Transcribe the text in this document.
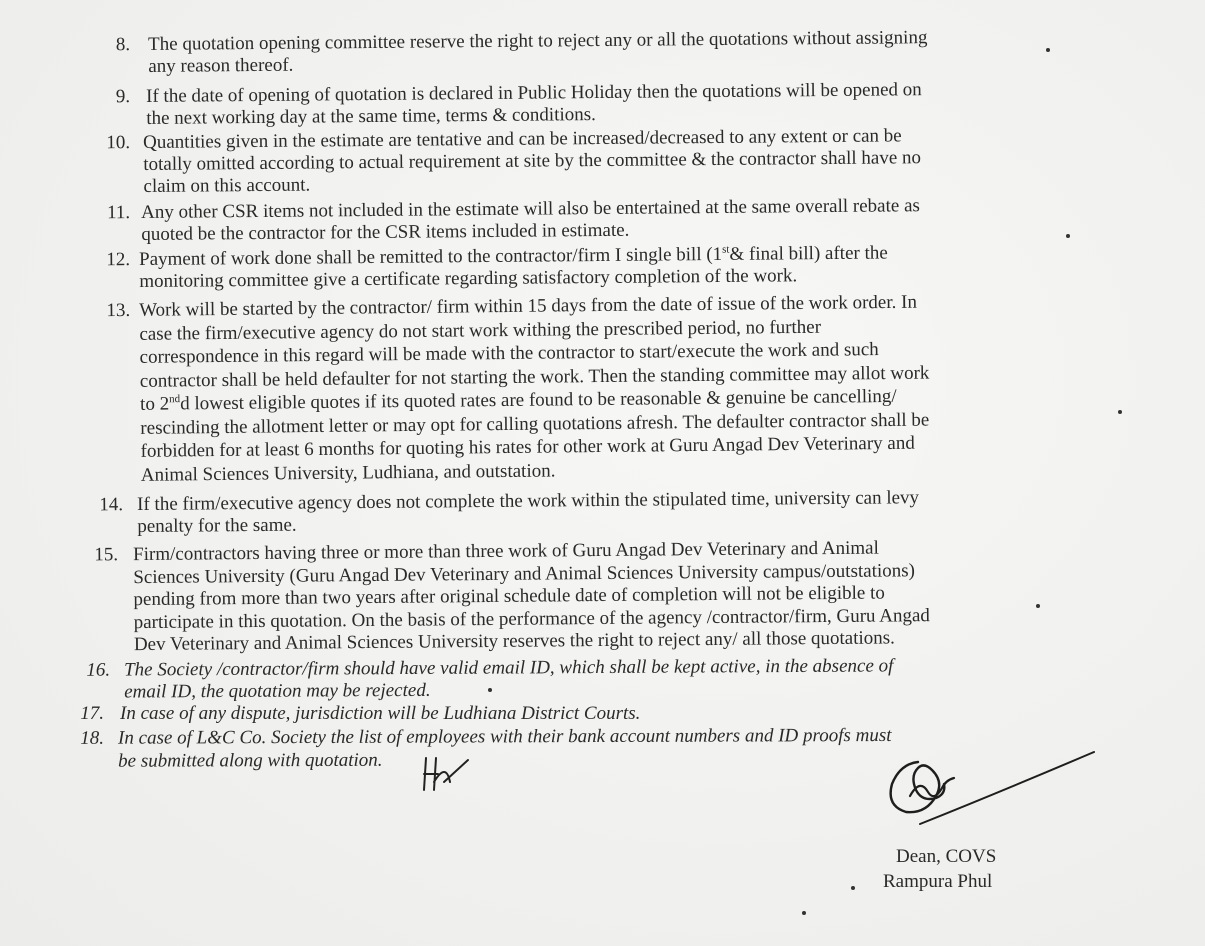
8. The quotation opening committee reserve the right to reject any or all the quotations without assigning
any reason thereof.
9. If the date of opening of quotation is declared in Public Holiday then the quotations will be opened on
the next working day at the same time, terms & conditions.
10. Quantities given in the estimate are tentative and can be increased/decreased to any extent or can be
totally omitted according to actual requirement at site by the committee & the contractor shall have no
claim on this account.
11. Any other CSR items not included in the estimate will also be entertained at the same overall rebate as
quoted be the contractor for the CSR items included in estimate.
12. Payment of work done shall be remitted to the contractor/firm I single bill (1st& final bill) after the
monitoring committee give a certificate regarding satisfactory completion of the work.
13. Work will be started by the contractor/ firm within 15 days from the date of issue of the work order. In
case the firm/executive agency do not start work withing the prescribed period, no further
correspondence in this regard will be made with the contractor to start/execute the work and such
contractor shall be held defaulter for not starting the work. Then the standing committee may allot work
to 2ndd lowest eligible quotes if its quoted rates are found to be reasonable & genuine be cancelling/
rescinding the allotment letter or may opt for calling quotations afresh. The defaulter contractor shall be
forbidden for at least 6 months for quoting his rates for other work at Guru Angad Dev Veterinary and
Animal Sciences University, Ludhiana, and outstation.
14. If the firm/executive agency does not complete the work within the stipulated time, university can levy
penalty for the same.
15. Firm/contractors having three or more than three work of Guru Angad Dev Veterinary and Animal
Sciences University (Guru Angad Dev Veterinary and Animal Sciences University campus/outstations)
pending from more than two years after original schedule date of completion will not be eligible to
participate in this quotation. On the basis of the performance of the agency /contractor/firm, Guru Angad
Dev Veterinary and Animal Sciences University reserves the right to reject any/ all those quotations.
16. The Society /contractor/firm should have valid email ID, which shall be kept active, in the absence of
email ID, the quotation may be rejected.
17. In case of any dispute, jurisdiction will be Ludhiana District Courts.
18. In case of L&C Co. Society the list of employees with their bank account numbers and ID proofs must
be submitted along with quotation.
Dean, COVS
Rampura Phul
